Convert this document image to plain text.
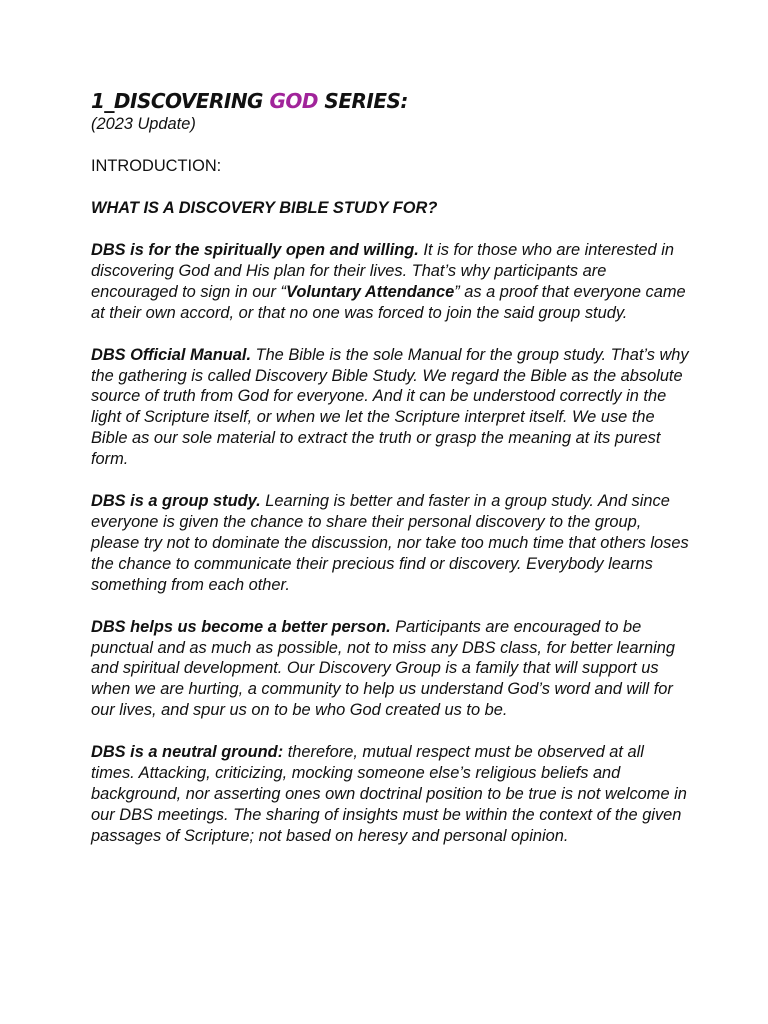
1_DISCOVERING GOD SERIES:

(2023 Update)

INTRODUCTION:

WHAT IS A DISCOVERY BIBLE STUDY FOR?

DBS is for the spiritually open and willing. It is for those who are interested in discovering God and His plan for their lives. That’s why participants are encouraged to sign in our “Voluntary Attendance” as a proof that everyone came at their own accord, or that no one was forced to join the said group study.

DBS Official Manual. The Bible is the sole Manual for the group study. That’s why the gathering is called Discovery Bible Study. We regard the Bible as the absolute source of truth from God for everyone. And it can be understood correctly in the light of Scripture itself, or when we let the Scripture interpret itself. We use the Bible as our sole material to extract the truth or grasp the meaning at its purest form.

DBS is a group study. Learning is better and faster in a group study. And since everyone is given the chance to share their personal discovery to the group, please try not to dominate the discussion, nor take too much time that others loses the chance to communicate their precious find or discovery. Everybody learns something from each other.

DBS helps us become a better person. Participants are encouraged to be punctual and as much as possible, not to miss any DBS class, for better learning and spiritual development. Our Discovery Group is a family that will support us when we are hurting, a community to help us understand God’s word and will for our lives, and spur us on to be who God created us to be.

DBS is a neutral ground: therefore, mutual respect must be observed at all times. Attacking, criticizing, mocking someone else’s religious beliefs and background, nor asserting ones own doctrinal position to be true is not welcome in our DBS meetings. The sharing of insights must be within the context of the given passages of Scripture; not based on heresy and personal opinion.
